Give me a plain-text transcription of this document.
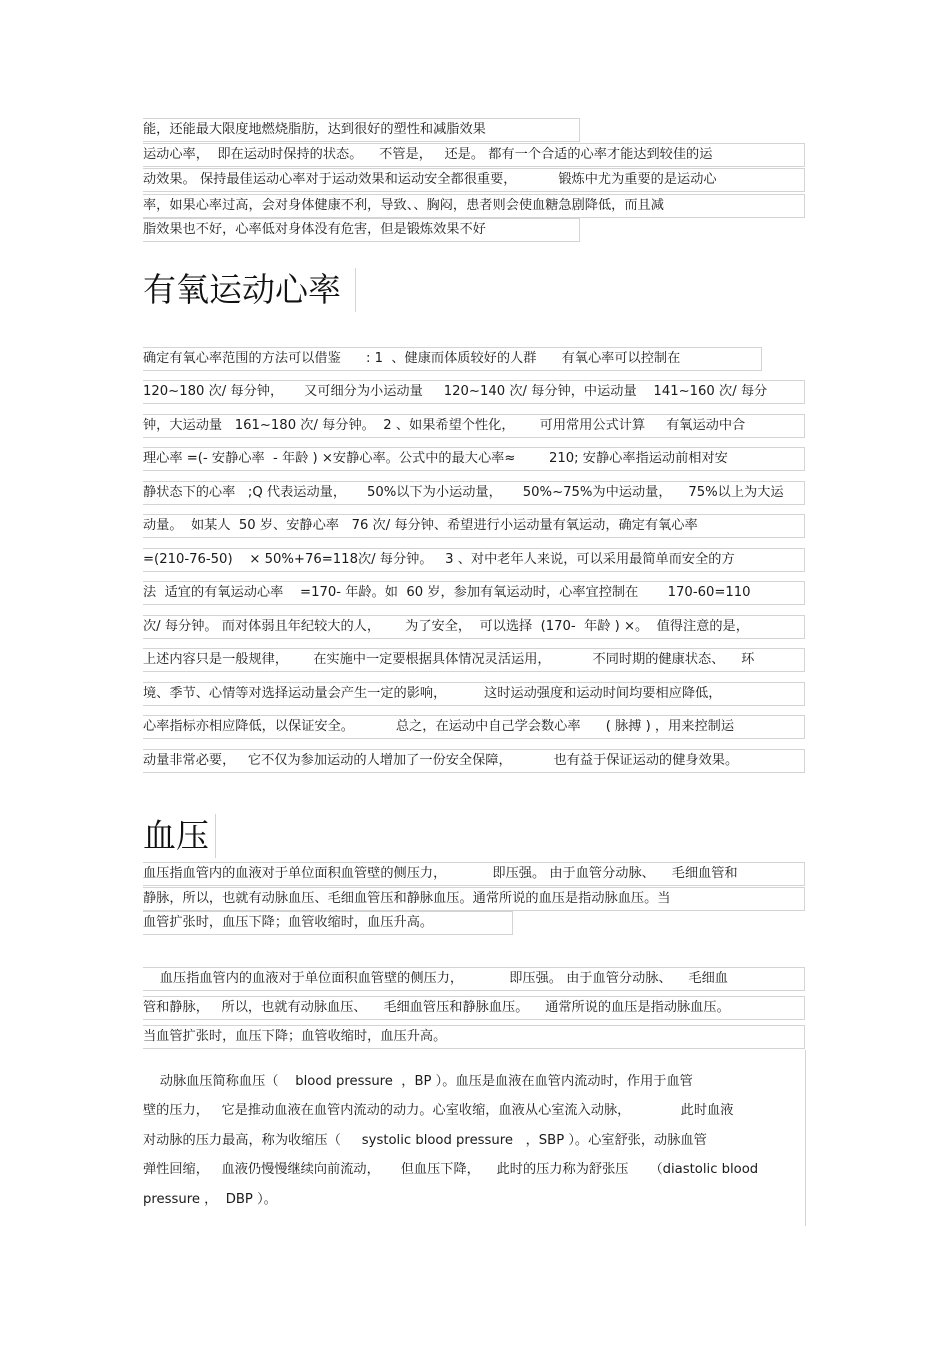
能，还能最大限度地燃烧脂肪，达到很好的塑性和减脂效果
运动心率，  即在运动时保持的状态。    不管是，   还是。 都有一个合适的心率才能达到较佳的运
动效果。 保持最佳运动心率对于运动效果和运动安全都很重要，          锻炼中尤为重要的是运动心
率，如果心率过高，会对身体健康不利，导致、、胸闷，患者则会使血糖急剧降低，而且减
脂效果也不好，心率低对身体没有危害，但是锻炼效果不好
有氧运动心率
确定有氧心率范围的方法可以借鉴      : 1  、健康而体质较好的人群      有氧心率可以控制在
120~180 次/ 每分钟，     又可细分为小运动量     120~140 次/ 每分钟，中运动量    141~160 次/ 每分
钟，大运动量   161~180 次/ 每分钟。  2 、如果希望个性化，      可用常用公式计算     有氧运动中合
理心率 =(- 安静心率  - 年龄 ) ×安静心率。公式中的最大心率≈        210; 安静心率指运动前相对安
静状态下的心率   ;Q 代表运动量，     50%以下为小运动量，     50%~75%为中运动量，    75%以上为大运
动量。  如某人  50 岁、安静心率   76 次/ 每分钟、希望进行小运动量有氧运动，确定有氧心率
=(210-76-50)    × 50%+76=118次/ 每分钟。   3 、对中老年人来说，可以采用最简单而安全的方
法  适宜的有氧运动心率    =170- 年龄。如  60 岁，参加有氧运动时，心率宜控制在       170-60=110
次/ 每分钟。 而对体弱且年纪较大的人，      为了安全，  可以选择  (170-  年龄 ) ×。  值得注意的是，
上述内容只是一般规律，      在实施中一定要根据具体情况灵活运用，          不同时期的健康状态、    环
境、季节、心情等对选择运动量会产生一定的影响，         这时运动强度和运动时间均要相应降低，
心率指标亦相应降低，以保证安全。          总之，在运动中自己学会数心率      ( 脉搏 ) ，用来控制运
动量非常必要，   它不仅为参加运动的人增加了一份安全保障，          也有益于保证运动的健身效果。
血压
血压指血管内的血液对于单位面积血管壁的侧压力，           即压强。 由于血管分动脉、    毛细血管和
静脉，所以，也就有动脉血压、毛细血管压和静脉血压。通常所说的血压是指动脉血压。当
血管扩张时，血压下降；血管收缩时，血压升高。
血压指血管内的血液对于单位面积血管壁的侧压力，           即压强。 由于血管分动脉、    毛细血
管和静脉，   所以，也就有动脉血压、    毛细血管压和静脉血压。    通常所说的血压是指动脉血压。
当血管扩张时，血压下降；血管收缩时，血压升高。
动脉血压简称血压（    blood pressure  ，BP ）。血压是血液在血管内流动时，作用于血管
壁的压力，   它是推动血液在血管内流动的动力。心室收缩，血液从心室流入动脉，            此时血液
对动脉的压力最高，称为收缩压（     systolic blood pressure   ，SBP ）。心室舒张，动脉血管
弹性回缩，   血液仍慢慢继续向前流动，     但血压下降，    此时的压力称为舒张压     （diastolic blood
pressure ，  DBP ）。
